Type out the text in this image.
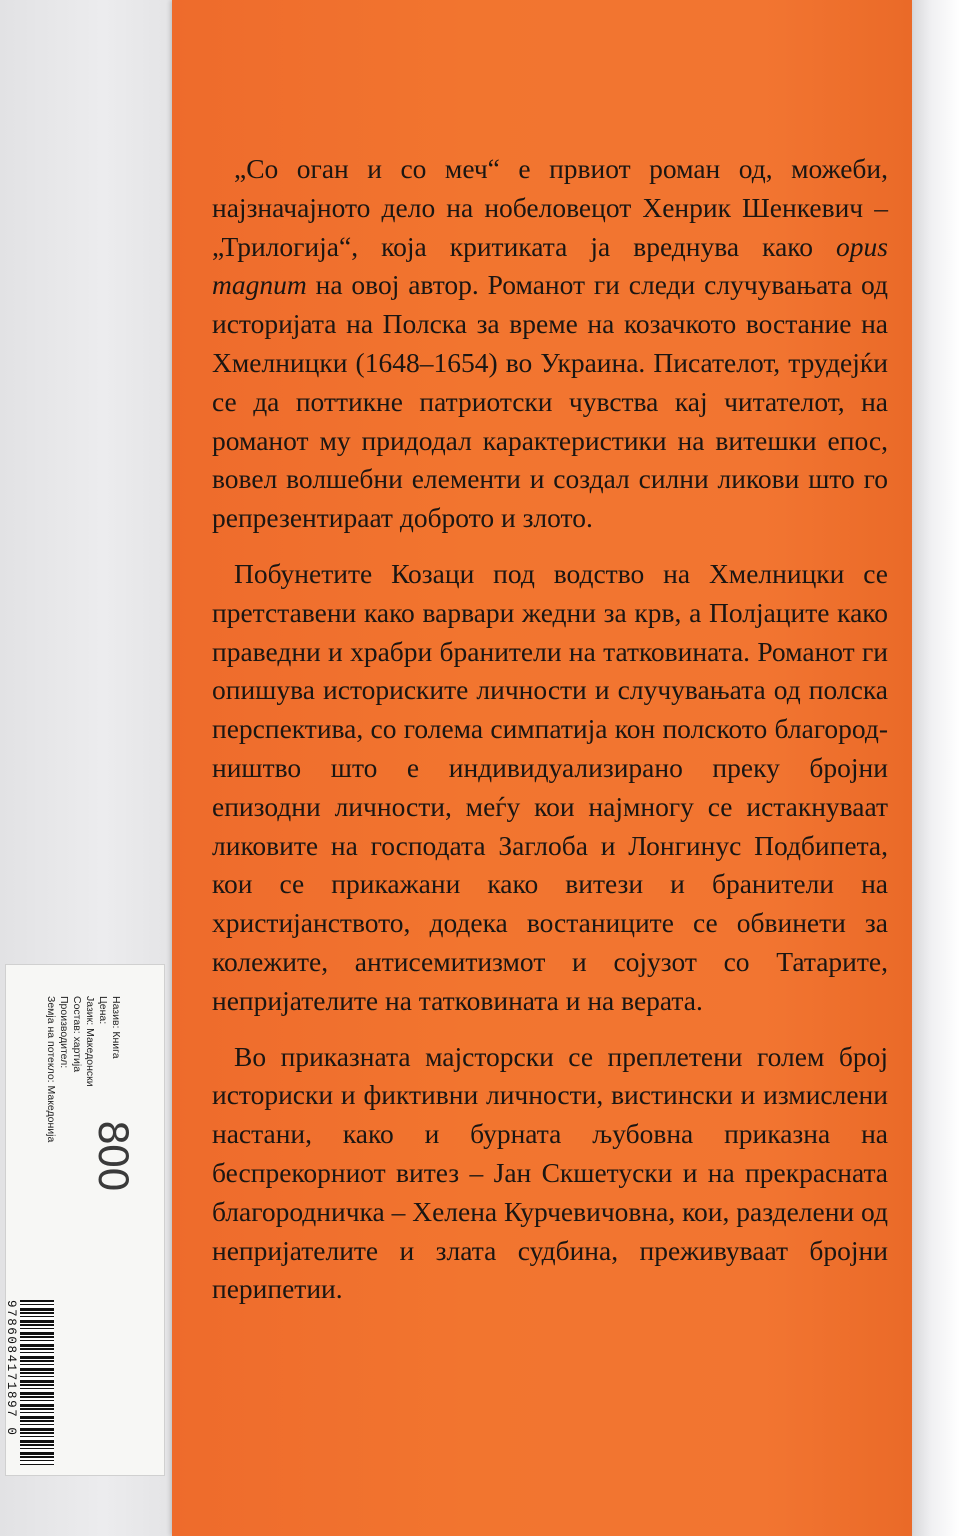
„Со оган и со меч“ е првиот роман од, можеби, најзначајното дело на нобеловецот Хенрик Шенкевич – „Трилогија“, која критиката ја вреднува како opus magnum на овој автор. Романот ги следи случувањата од историјата на Полска за време на козачкото востание на Хмелницки (1648–1654) во Украина. Писателот, трудејќи се да поттикне патриотски чувства кај читателот, на романот му придодал карактеристики на витешки епос, вовел волшебни елементи и создал силни ликови што го репрезентираат доброто и злото.

Побунетите Козаци под водство на Хмелницки се претставени како варвари жедни за крв, а Полјаците како праведни и храбри бранители на татковината. Романот ги опишува историските личности и случувањата од полска перспектива, со голема симпатија кон полското благородништво што е индивидуализирано преку бројни епизодни личности, меѓу кои најмногу се истакнуваат ликовите на господата Заглоба и Лонгинус Подбипета, кои се прикажани како витези и бранители на христијанството, додека востаниците се обвинети за колежите, антисемитизмот и сојузот со Татарите, непријателите на татковината и на верата.

Во приказната мајсторски се преплетени голем број историски и фиктивни личности, вистински и измислени настани, како и бурната љубовна приказна на беспрекорниот витез – Јан Скшетуски и на прекрасната благородничка – Хелена Курчевичовна, кои, разделени од непријателите и злата судбина, преживуваат бројни перипетии.

Назив: Книга
Цена:
Јазик: Македонски
Состав: хартија
Производител:
Земја на потекло: Македонија
800
9786084171897 0
